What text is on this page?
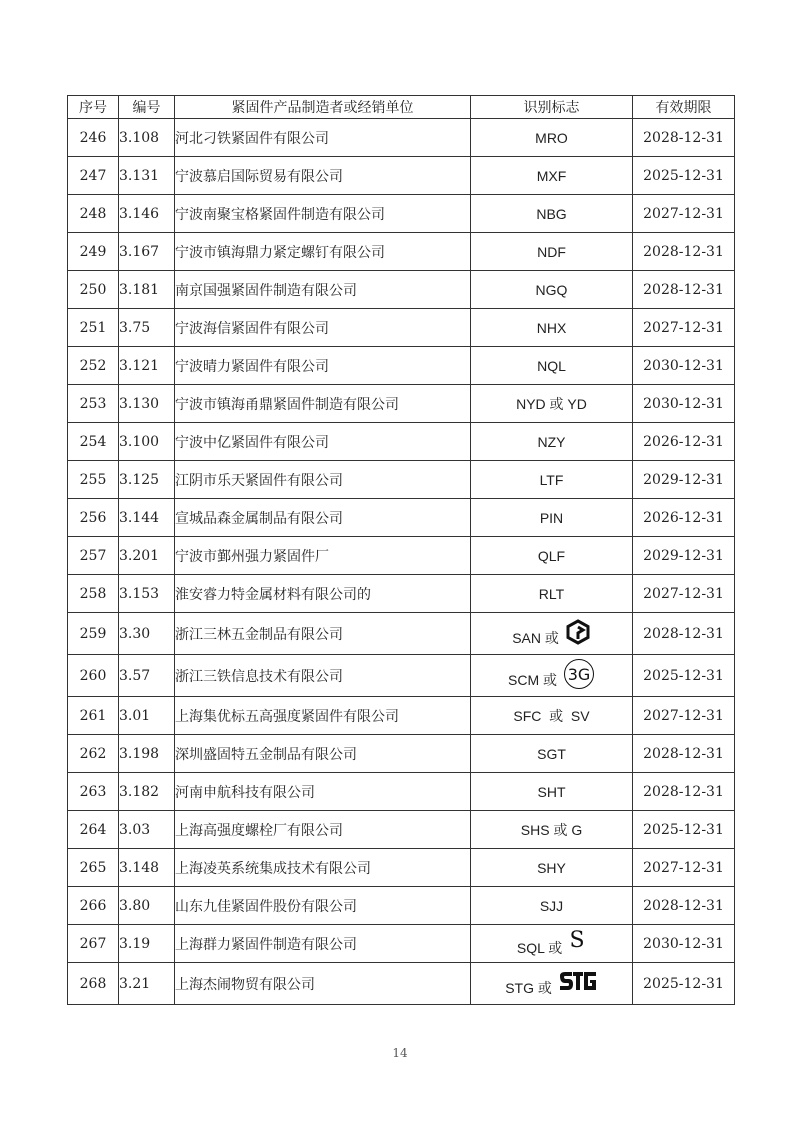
序号	编号	紧固件产品制造者或经销单位	识别标志	有效期限
246	3.108	河北刁铁紧固件有限公司	MRO	2028-12-31
247	3.131	宁波慕启国际贸易有限公司	MXF	2025-12-31
248	3.146	宁波南聚宝格紧固件制造有限公司	NBG	2027-12-31
249	3.167	宁波市镇海鼎力紧定螺钉有限公司	NDF	2028-12-31
250	3.181	南京国强紧固件制造有限公司	NGQ	2028-12-31
251	3.75	宁波海信紧固件有限公司	NHX	2027-12-31
252	3.121	宁波晴力紧固件有限公司	NQL	2030-12-31
253	3.130	宁波市镇海甬鼎紧固件制造有限公司	NYD 或 YD	2030-12-31
254	3.100	宁波中亿紧固件有限公司	NZY	2026-12-31
255	3.125	江阴市乐天紧固件有限公司	LTF	2029-12-31
256	3.144	宣城品森金属制品有限公司	PIN	2026-12-31
257	3.201	宁波市鄞州强力紧固件厂	QLF	2029-12-31
258	3.153	淮安睿力特金属材料有限公司的	RLT	2027-12-31
259	3.30	浙江三林五金制品有限公司	SAN 或	2028-12-31
260	3.57	浙江三铁信息技术有限公司	SCM 或 3G	2025-12-31
261	3.01	上海集优标五高强度紧固件有限公司	SFC  或  SV	2027-12-31
262	3.198	深圳盛固特五金制品有限公司	SGT	2028-12-31
263	3.182	河南申航科技有限公司	SHT	2028-12-31
264	3.03	上海高强度螺栓厂有限公司	SHS 或 G	2025-12-31
265	3.148	上海凌英系统集成技术有限公司	SHY	2027-12-31
266	3.80	山东九佳紧固件股份有限公司	SJJ	2028-12-31
267	3.19	上海群力紧固件制造有限公司	SQL 或 S	2030-12-31
268	3.21	上海杰闹物贸有限公司	STG 或	2025-12-31
14
